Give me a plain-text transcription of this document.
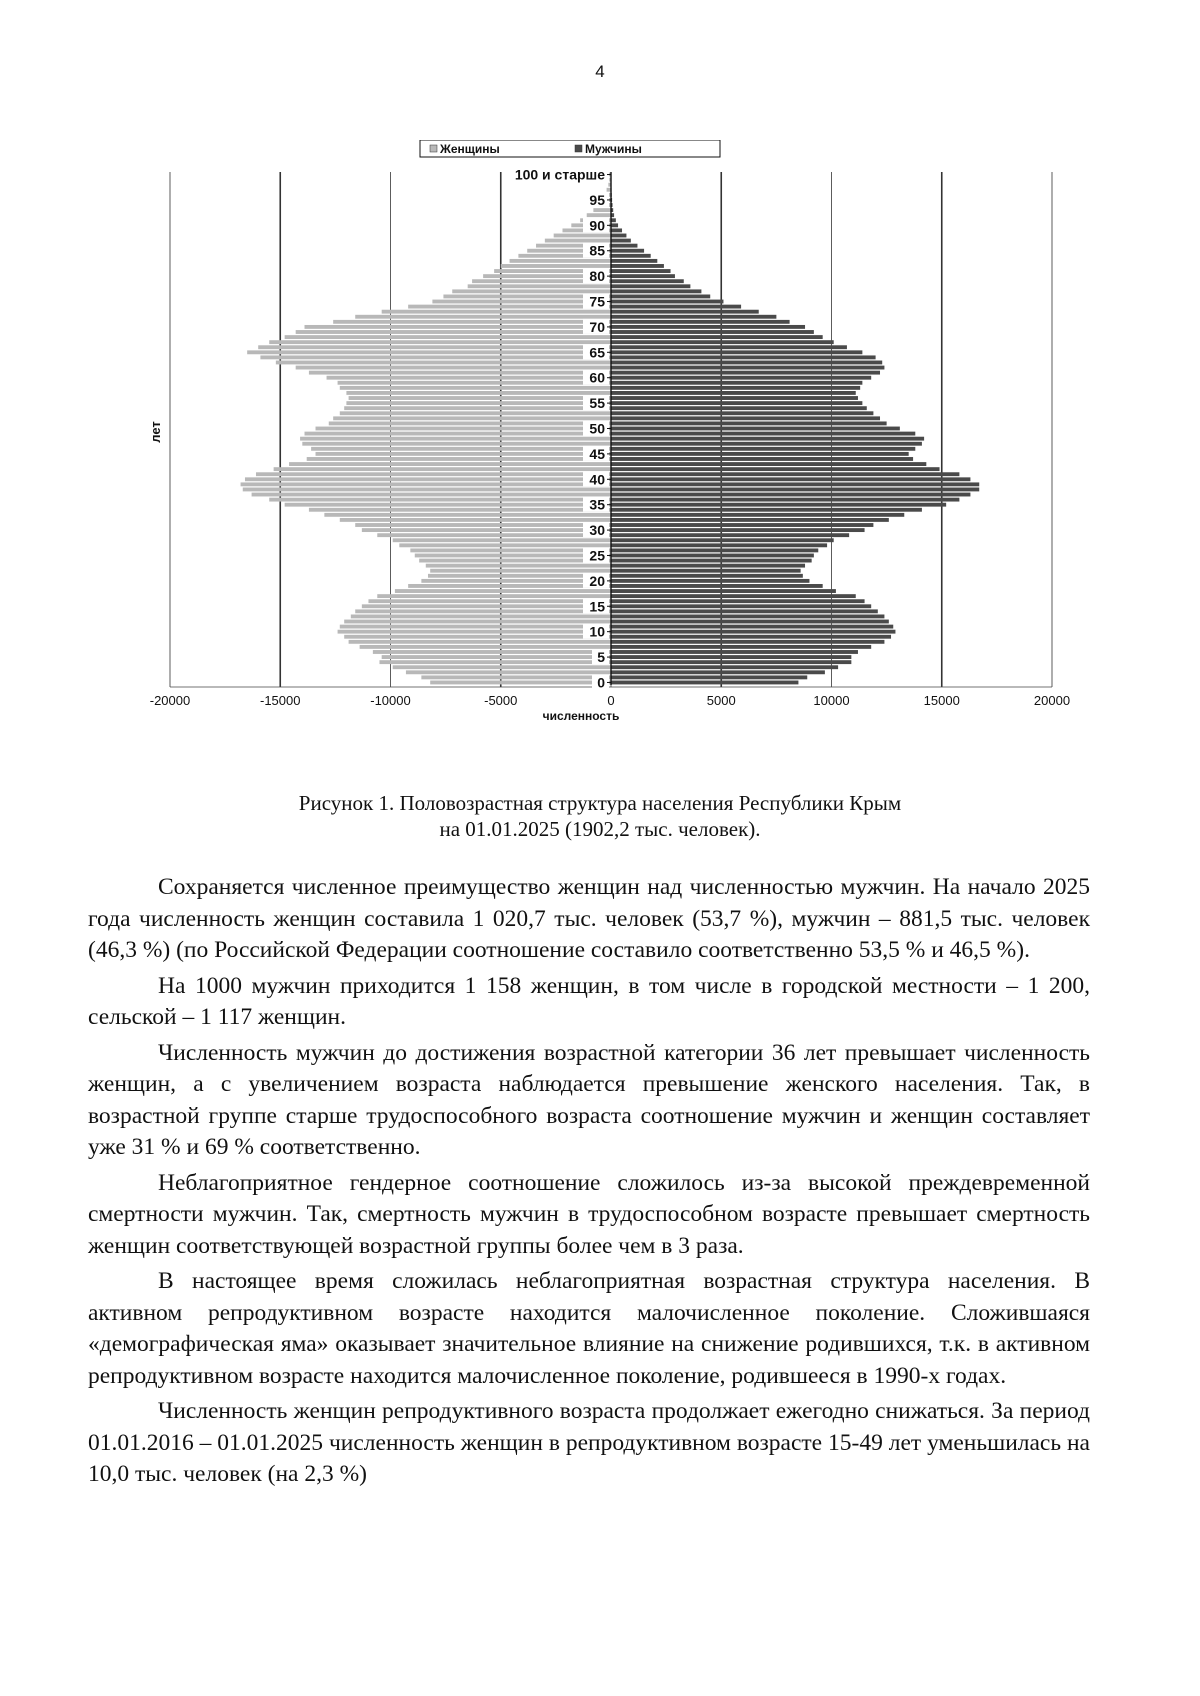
4
0
5
10
15
20
25
30
35
40
45
50
55
60
65
70
75
80
85
90
95
100 и старше
-20000	-15000	-10000	-5000	0	5000	10000	15000	20000
численность
лет
Женщины	Мужчины
Рисунок 1. Половозрастная структура населения Республики Крым
на 01.01.2025 (1902,2 тыс. человек).

Сохраняется численное преимущество женщин над численностью мужчин. На начало 2025 года численность женщин составила 1 020,7 тыс. человек (53,7 %), мужчин – 881,5 тыс. человек (46,3 %) (по Российской Федерации соотношение составило соответственно 53,5 % и 46,5 %).

На 1000 мужчин приходится 1 158 женщин, в том числе в городской местности – 1 200, сельской – 1 117 женщин.

Численность мужчин до достижения возрастной категории 36 лет превышает численность женщин, а с увеличением возраста наблюдается превышение женского населения. Так, в возрастной группе старше трудоспособного возраста соотношение мужчин и женщин составляет уже 31 % и 69 % соответственно.

Неблагоприятное гендерное соотношение сложилось из-за высокой преждевременной смертности мужчин. Так, смертность мужчин в трудоспособном возрасте превышает смертность женщин соответствующей возрастной группы более чем в 3 раза.

В настоящее время сложилась неблагоприятная возрастная структура населения. В активном репродуктивном возрасте находится малочисленное поколение. Сложившаяся «демографическая яма» оказывает значительное влияние на снижение родившихся, т.к. в активном репродуктивном возрасте находится малочисленное поколение, родившееся в 1990-х годах.

Численность женщин репродуктивного возраста продолжает ежегодно снижаться. За период 01.01.2016 – 01.01.2025 численность женщин в репродуктивном возрасте 15-49 лет уменьшилась на 10,0 тыс. человек (на 2,3 %)
